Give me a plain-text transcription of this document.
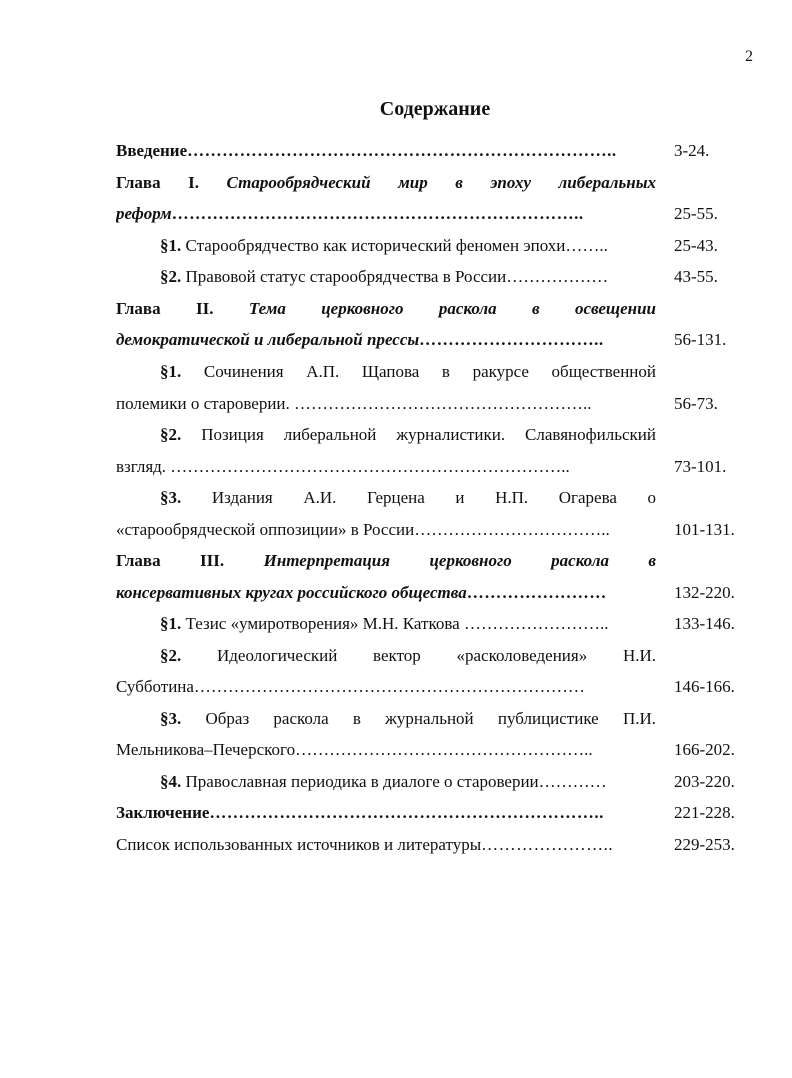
2
Содержание
Введение………………………………………………………………..	3-24.
Глава I. Старообрядческий мир в эпоху либеральных
реформ……………………………………………………………..	25-55.
§1. Старообрядчество как исторический феномен эпохи……..	25-43.
§2. Правовой статус старообрядчества в России………………	43-55.
Глава II. Тема церковного раскола в освещении
демократической и либеральной прессы…………………………..	56-131.
§1. Сочинения А.П. Щапова в ракурсе общественной
полемики о староверии. ……………………………………………..	56-73.
§2. Позиция либеральной журналистики. Славянофильский
взгляд. ……………………………………………………………..	73-101.
§3. Издания А.И. Герцена и Н.П. Огарева о
«старообрядческой оппозиции» в России……………………………..	101-131.
Глава III. Интерпретация церковного раскола в
консервативных кругах российского общества……………………	132-220.
§1. Тезис «умиротворения» М.Н. Каткова ……………………..	133-146.
§2. Идеологический вектор «расколоведения» Н.И.
Субботина……………………………………………………………	146-166.
§3. Образ раскола в журнальной публицистике П.И.
Мельникова–Печерского……………………………………………..	166-202.
§4. Православная периодика в диалоге о староверии…………	203-220.
Заключение…………………………………………………………..	221-228.
Список использованных источников и литературы…………………..	229-253.
